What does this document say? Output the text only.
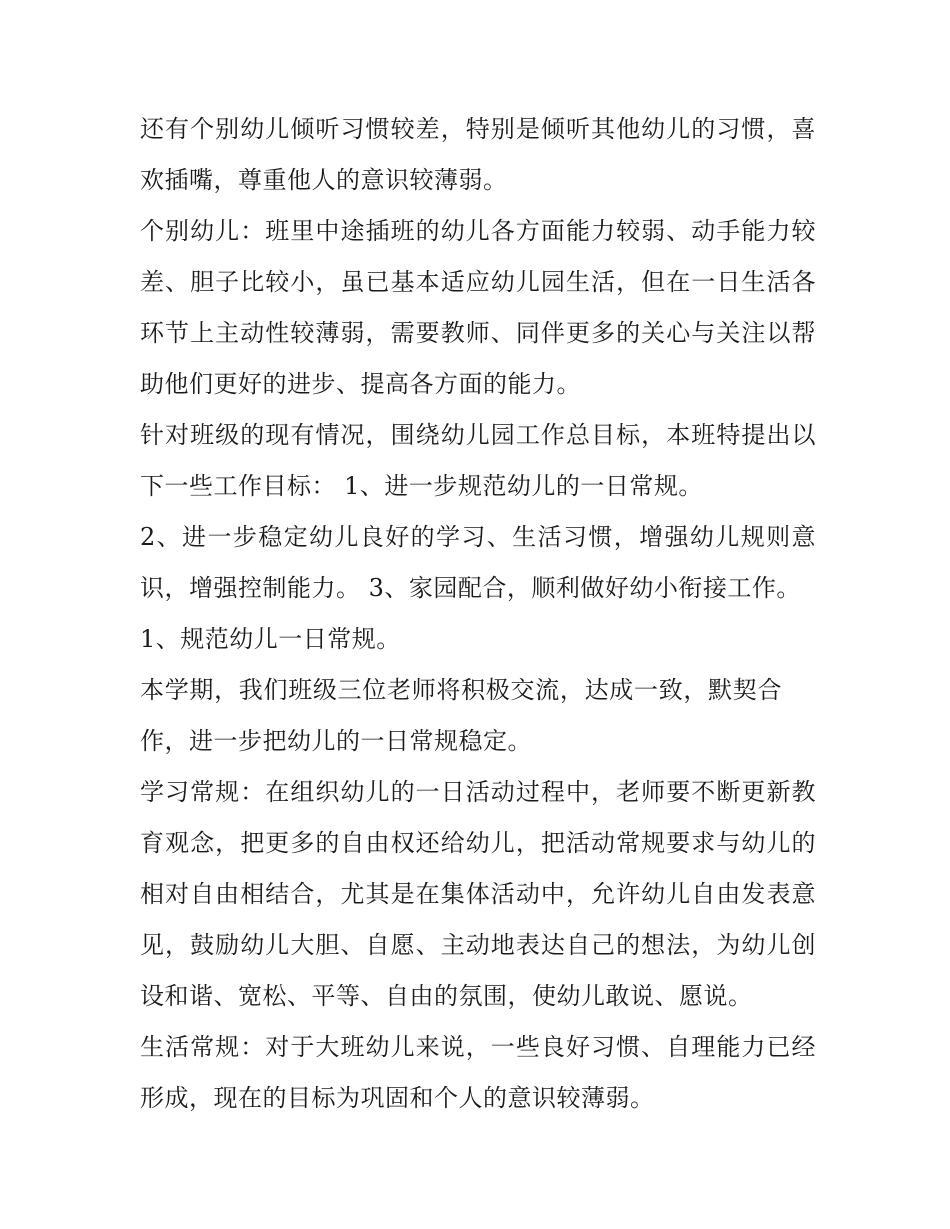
还有个别幼儿倾听习惯较差，特别是倾听其他幼儿的习惯，喜欢插嘴，尊重他人的意识较薄弱。

个别幼儿：班里中途插班的幼儿各方面能力较弱、动手能力较差、胆子比较小，虽已基本适应幼儿园生活，但在一日生活各环节上主动性较薄弱，需要教师、同伴更多的关心与关注以帮助他们更好的进步、提高各方面的能力。

针对班级的现有情况，围绕幼儿园工作总目标，本班特提出以下一些工作目标： 1、进一步规范幼儿的一日常规。

2、进一步稳定幼儿良好的学习、生活习惯，增强幼儿规则意识，增强控制能力。 3、家园配合，顺利做好幼小衔接工作。

1、规范幼儿一日常规。

本学期，我们班级三位老师将积极交流，达成一致，默契合作，进一步把幼儿的一日常规稳定。

学习常规：在组织幼儿的一日活动过程中，老师要不断更新教育观念，把更多的自由权还给幼儿，把活动常规要求与幼儿的相对自由相结合，尤其是在集体活动中，允许幼儿自由发表意见，鼓励幼儿大胆、自愿、主动地表达自己的想法，为幼儿创设和谐、宽松、平等、自由的氛围，使幼儿敢说、愿说。

生活常规：对于大班幼儿来说，一些良好习惯、自理能力已经形成，现在的目标为巩固和个人的意识较薄弱。
